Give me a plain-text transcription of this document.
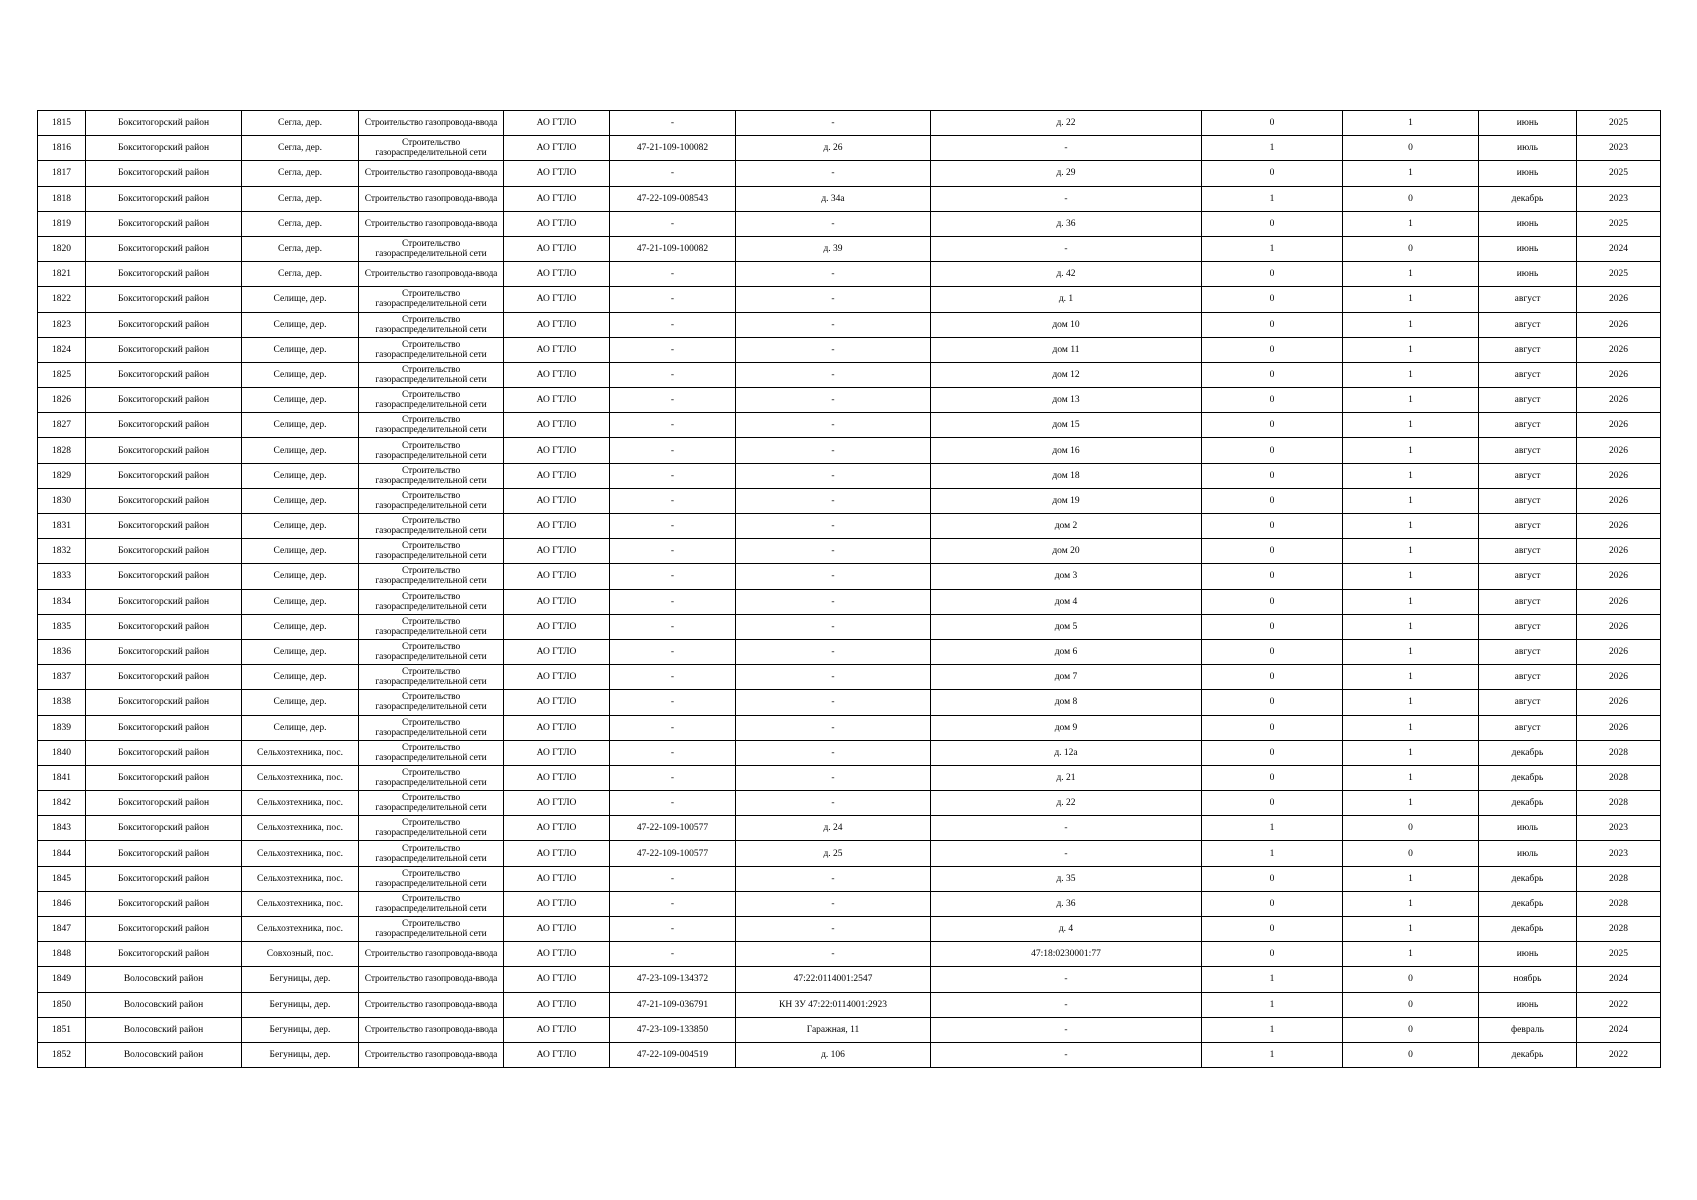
1815	Бокситогорский район	Сегла, дер.	Строительство газопровода-ввода	АО ГТЛО	-	-	д. 22	0	1	июнь	2025
1816	Бокситогорский район	Сегла, дер.	Строительство газораспределительной сети	АО ГТЛО	47-21-109-100082	д. 26	-	1	0	июль	2023
1817	Бокситогорский район	Сегла, дер.	Строительство газопровода-ввода	АО ГТЛО	-	-	д. 29	0	1	июнь	2025
1818	Бокситогорский район	Сегла, дер.	Строительство газопровода-ввода	АО ГТЛО	47-22-109-008543	д. 34а	-	1	0	декабрь	2023
1819	Бокситогорский район	Сегла, дер.	Строительство газопровода-ввода	АО ГТЛО	-	-	д. 36	0	1	июнь	2025
1820	Бокситогорский район	Сегла, дер.	Строительство газораспределительной сети	АО ГТЛО	47-21-109-100082	д. 39	-	1	0	июнь	2024
1821	Бокситогорский район	Сегла, дер.	Строительство газопровода-ввода	АО ГТЛО	-	-	д. 42	0	1	июнь	2025
1822	Бокситогорский район	Селище, дер.	Строительство газораспределительной сети	АО ГТЛО	-	-	д. 1	0	1	август	2026
1823	Бокситогорский район	Селище, дер.	Строительство газораспределительной сети	АО ГТЛО	-	-	дом 10	0	1	август	2026
1824	Бокситогорский район	Селище, дер.	Строительство газораспределительной сети	АО ГТЛО	-	-	дом 11	0	1	август	2026
1825	Бокситогорский район	Селище, дер.	Строительство газораспределительной сети	АО ГТЛО	-	-	дом 12	0	1	август	2026
1826	Бокситогорский район	Селище, дер.	Строительство газораспределительной сети	АО ГТЛО	-	-	дом 13	0	1	август	2026
1827	Бокситогорский район	Селище, дер.	Строительство газораспределительной сети	АО ГТЛО	-	-	дом 15	0	1	август	2026
1828	Бокситогорский район	Селище, дер.	Строительство газораспределительной сети	АО ГТЛО	-	-	дом 16	0	1	август	2026
1829	Бокситогорский район	Селище, дер.	Строительство газораспределительной сети	АО ГТЛО	-	-	дом 18	0	1	август	2026
1830	Бокситогорский район	Селище, дер.	Строительство газораспределительной сети	АО ГТЛО	-	-	дом 19	0	1	август	2026
1831	Бокситогорский район	Селище, дер.	Строительство газораспределительной сети	АО ГТЛО	-	-	дом 2	0	1	август	2026
1832	Бокситогорский район	Селище, дер.	Строительство газораспределительной сети	АО ГТЛО	-	-	дом 20	0	1	август	2026
1833	Бокситогорский район	Селище, дер.	Строительство газораспределительной сети	АО ГТЛО	-	-	дом 3	0	1	август	2026
1834	Бокситогорский район	Селище, дер.	Строительство газораспределительной сети	АО ГТЛО	-	-	дом 4	0	1	август	2026
1835	Бокситогорский район	Селище, дер.	Строительство газораспределительной сети	АО ГТЛО	-	-	дом 5	0	1	август	2026
1836	Бокситогорский район	Селище, дер.	Строительство газораспределительной сети	АО ГТЛО	-	-	дом 6	0	1	август	2026
1837	Бокситогорский район	Селище, дер.	Строительство газораспределительной сети	АО ГТЛО	-	-	дом 7	0	1	август	2026
1838	Бокситогорский район	Селище, дер.	Строительство газораспределительной сети	АО ГТЛО	-	-	дом 8	0	1	август	2026
1839	Бокситогорский район	Селище, дер.	Строительство газораспределительной сети	АО ГТЛО	-	-	дом 9	0	1	август	2026
1840	Бокситогорский район	Сельхозтехника, пос.	Строительство газораспределительной сети	АО ГТЛО	-	-	д. 12а	0	1	декабрь	2028
1841	Бокситогорский район	Сельхозтехника, пос.	Строительство газораспределительной сети	АО ГТЛО	-	-	д. 21	0	1	декабрь	2028
1842	Бокситогорский район	Сельхозтехника, пос.	Строительство газораспределительной сети	АО ГТЛО	-	-	д. 22	0	1	декабрь	2028
1843	Бокситогорский район	Сельхозтехника, пос.	Строительство газораспределительной сети	АО ГТЛО	47-22-109-100577	д. 24	-	1	0	июль	2023
1844	Бокситогорский район	Сельхозтехника, пос.	Строительство газораспределительной сети	АО ГТЛО	47-22-109-100577	д. 25	-	1	0	июль	2023
1845	Бокситогорский район	Сельхозтехника, пос.	Строительство газораспределительной сети	АО ГТЛО	-	-	д. 35	0	1	декабрь	2028
1846	Бокситогорский район	Сельхозтехника, пос.	Строительство газораспределительной сети	АО ГТЛО	-	-	д. 36	0	1	декабрь	2028
1847	Бокситогорский район	Сельхозтехника, пос.	Строительство газораспределительной сети	АО ГТЛО	-	-	д. 4	0	1	декабрь	2028
1848	Бокситогорский район	Совхозный, пос.	Строительство газопровода-ввода	АО ГТЛО	-	-	47:18:0230001:77	0	1	июнь	2025
1849	Волосовский район	Бегуницы, дер.	Строительство газопровода-ввода	АО ГТЛО	47-23-109-134372	47:22:0114001:2547	-	1	0	ноябрь	2024
1850	Волосовский район	Бегуницы, дер.	Строительство газопровода-ввода	АО ГТЛО	47-21-109-036791	КН ЗУ 47:22:0114001:2923	-	1	0	июнь	2022
1851	Волосовский район	Бегуницы, дер.	Строительство газопровода-ввода	АО ГТЛО	47-23-109-133850	Гаражная, 11	-	1	0	февраль	2024
1852	Волосовский район	Бегуницы, дер.	Строительство газопровода-ввода	АО ГТЛО	47-22-109-004519	д. 106	-	1	0	декабрь	2022
